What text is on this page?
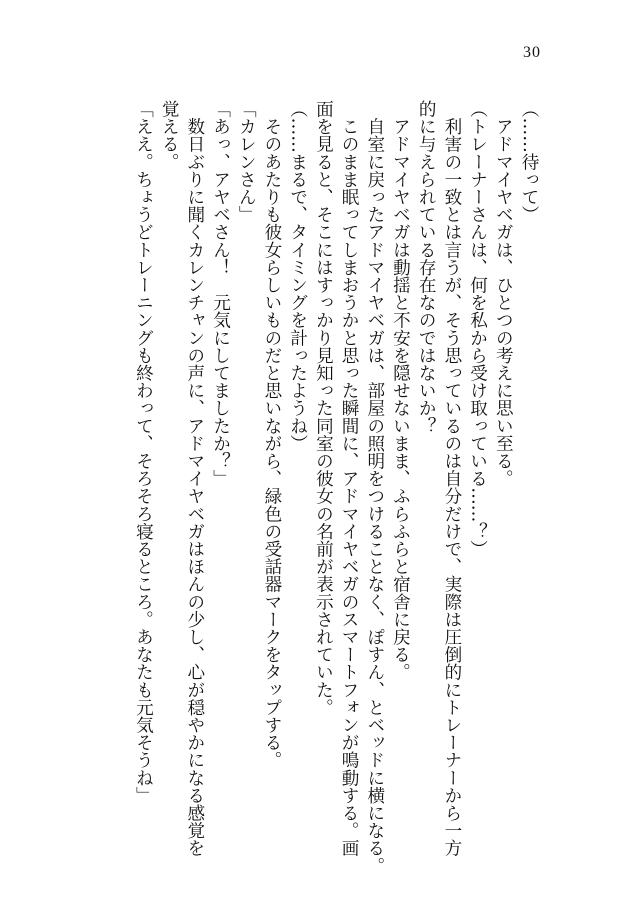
30

（……待って）

　アドマイヤベガは、ひとつの考えに思い至る。

（トレーナーさんは、何を私から受け取っている……？）

　利害の一致とは言うが、そう思っているのは自分だけで、実際は圧倒的にトレーナーから一方

的に与えられている存在なのではないか？

　アドマイヤベガは動揺と不安を隠せないまま、ふらふらと宿舎に戻る。

　自室に戻ったアドマイヤベガは、部屋の照明をつけることなく、ぽすん、とベッドに横になる。

　このまま眠ってしまおうかと思った瞬間に、アドマイヤベガのスマートフォンが鳴動する。画

面を見ると、そこにはすっかり見知った同室の彼女の名前が表示されていた。

（……まるで、タイミングを計ったようね）

　そのあたりも彼女らしいものだと思いながら、緑色の受話器マークをタップする。

「カレンさん」

「あっ、アヤベさん！　元気にしてましたか？」

　数日ぶりに聞くカレンチャンの声に、アドマイヤベガはほんの少し、心が穏やかになる感覚を

覚える。

「ええ。ちょうどトレーニングも終わって、そろそろ寝るところ。あなたも元気そうね」
